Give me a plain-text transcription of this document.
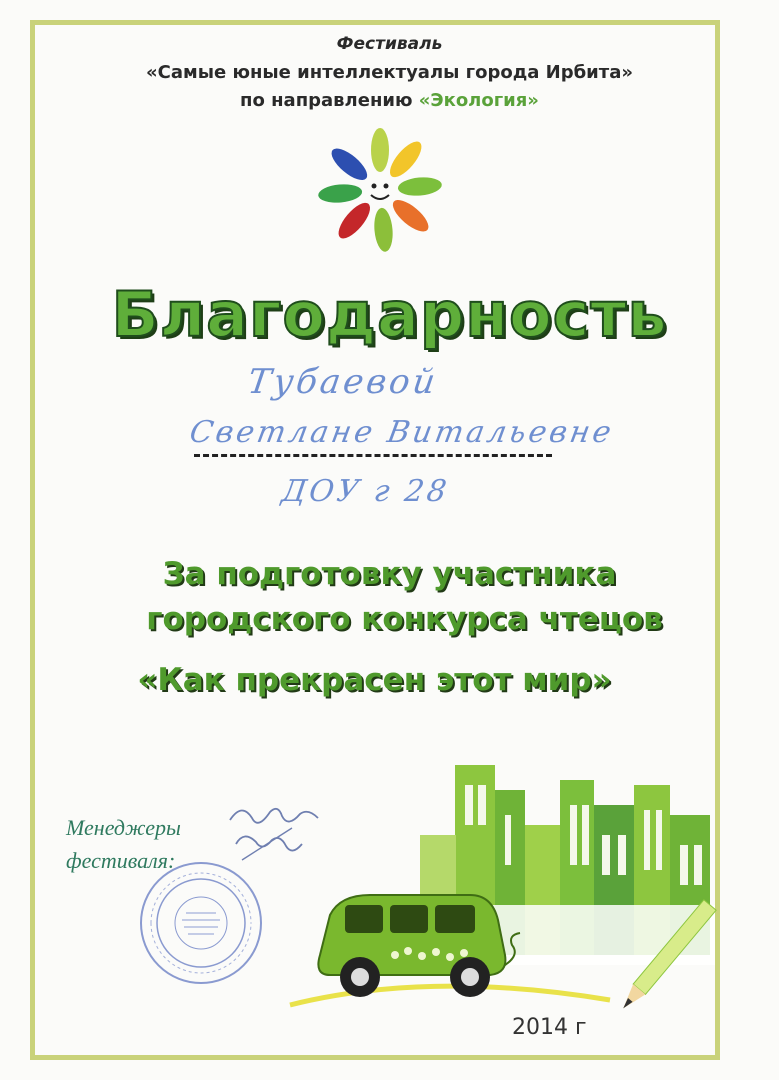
Фестиваль
«Самые юные интеллектуалы города Ирбита»
по направлению «Экология»
Благодарность
Тубаевой
Светлане Витальевне
ДОУ г 28
За подготовку участника
городского конкурса чтецов
«Как прекрасен этот мир»
Менеджеры
фестиваля:
2014 г
